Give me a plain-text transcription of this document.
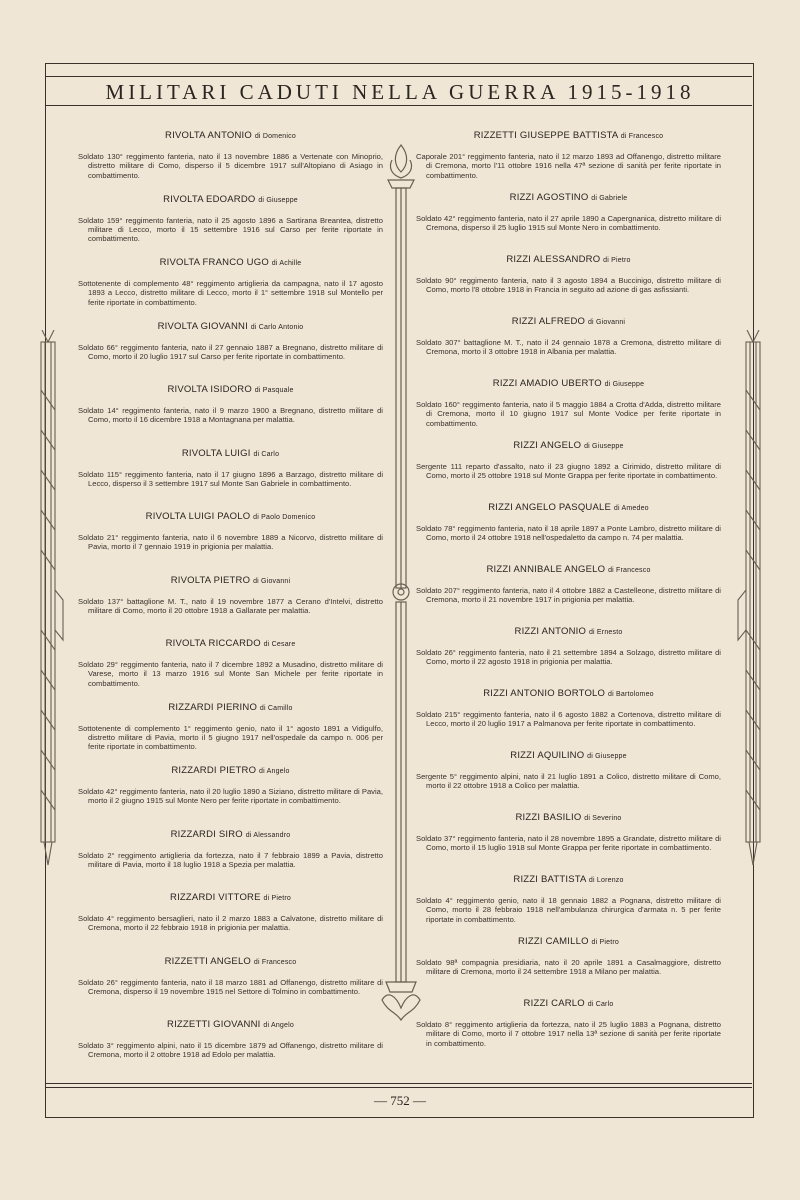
MILITARI CADUTI NELLA GUERRA 1915-1918
RIVOLTA ANTONIO di Domenico

Soldato 130° reggimento fanteria, nato il 13 novembre 1886 a Vertenate con Minoprio, distretto militare di Como, disperso il 5 dicembre 1917 sull'Altopiano di Asiago in combattimento.

RIVOLTA EDOARDO di Giuseppe

Soldato 159° reggimento fanteria, nato il 25 agosto 1896 a Sartirana Breantea, distretto militare di Lecco, morto il 15 settembre 1916 sul Carso per ferite riportate in combattimento.

RIVOLTA FRANCO UGO di Achille

Sottotenente di complemento 48° reggimento artiglieria da campagna, nato il 17 agosto 1893 a Lecco, distretto militare di Lecco, morto il 1° settembre 1918 sul Montello per ferite riportate in combattimento.

RIVOLTA GIOVANNI di Carlo Antonio

Soldato 66° reggimento fanteria, nato il 27 gennaio 1887 a Bregnano, distretto militare di Como, morto il 20 luglio 1917 sul Carso per ferite riportate in combattimento.

RIVOLTA ISIDORO di Pasquale

Soldato 14° reggimento fanteria, nato il 9 marzo 1900 a Bregnano, distretto militare di Como, morto il 16 dicembre 1918 a Montagnana per malattia.

RIVOLTA LUIGI di Carlo

Soldato 115° reggimento fanteria, nato il 17 giugno 1896 a Barzago, distretto militare di Lecco, disperso il 3 settembre 1917 sul Monte San Gabriele in combattimento.

RIVOLTA LUIGI PAOLO di Paolo Domenico

Soldato 21° reggimento fanteria, nato il 6 novembre 1889 a Nicorvo, distretto militare di Pavia, morto il 7 gennaio 1919 in prigionia per malattia.

RIVOLTA PIETRO di Giovanni

Soldato 137° battaglione M. T., nato il 19 novembre 1877 a Cerano d'Intelvi, distretto militare di Como, morto il 20 ottobre 1918 a Gallarate per malattia.

RIVOLTA RICCARDO di Cesare

Soldato 29° reggimento fanteria, nato il 7 dicembre 1892 a Musadino, distretto militare di Varese, morto il 13 marzo 1916 sul Monte San Michele per ferite riportate in combattimento.

RIZZARDI PIERINO di Camillo

Sottotenente di complemento 1° reggimento genio, nato il 1° agosto 1891 a Vidigulfo, distretto militare di Pavia, morto il 5 giugno 1917 nell'ospedale da campo n. 006 per ferite riportate in combattimento.

RIZZARDI PIETRO di Angelo

Soldato 42° reggimento fanteria, nato il 20 luglio 1890 a Siziano, distretto militare di Pavia, morto il 2 giugno 1915 sul Monte Nero per ferite riportate in combattimento.

RIZZARDI SIRO di Alessandro

Soldato 2° reggimento artiglieria da fortezza, nato il 7 febbraio 1899 a Pavia, distretto militare di Pavia, morto il 18 luglio 1918 a Spezia per malattia.

RIZZARDI VITTORE di Pietro

Soldato 4° reggimento bersaglieri, nato il 2 marzo 1883 a Calvatone, distretto militare di Cremona, morto il 22 febbraio 1918 in prigionia per malattia.

RIZZETTI ANGELO di Francesco

Soldato 26° reggimento fanteria, nato il 18 marzo 1881 ad Offanengo, distretto militare di Cremona, disperso il 19 novembre 1915 nel Settore di Tolmino in combattimento.

RIZZETTI GIOVANNI di Angelo

Soldato 3° reggimento alpini, nato il 15 dicembre 1879 ad Offanengo, distretto militare di Cremona, morto il 2 ottobre 1918 ad Edolo per malattia.

RIZZETTI GIUSEPPE BATTISTA di Francesco

Caporale 201° reggimento fanteria, nato il 12 marzo 1893 ad Offanengo, distretto militare di Cremona, morto l'11 ottobre 1916 nella 47ª sezione di sanità per ferite riportate in combattimento.

RIZZI AGOSTINO di Gabriele

Soldato 42° reggimento fanteria, nato il 27 aprile 1890 a Capergnanica, distretto militare di Cremona, disperso il 25 luglio 1915 sul Monte Nero in combattimento.

RIZZI ALESSANDRO di Pietro

Soldato 90° reggimento fanteria, nato il 3 agosto 1894 a Buccinigo, distretto militare di Como, morto l'8 ottobre 1918 in Francia in seguito ad azione di gas asfissianti.

RIZZI ALFREDO di Giovanni

Soldato 307° battaglione M. T., nato il 24 gennaio 1878 a Cremona, distretto militare di Cremona, morto il 3 ottobre 1918 in Albania per malattia.

RIZZI AMADIO UBERTO di Giuseppe

Soldato 160° reggimento fanteria, nato il 5 maggio 1884 a Crotta d'Adda, distretto militare di Cremona, morto il 10 giugno 1917 sul Monte Vodice per ferite riportate in combattimento.

RIZZI ANGELO di Giuseppe

Sergente 111 reparto d'assalto, nato il 23 giugno 1892 a Cirimido, distretto militare di Como, morto il 25 ottobre 1918 sul Monte Grappa per ferite riportate in combattimento.

RIZZI ANGELO PASQUALE di Amedeo

Soldato 78° reggimento fanteria, nato il 18 aprile 1897 a Ponte Lambro, distretto militare di Como, morto il 24 ottobre 1918 nell'ospedaletto da campo n. 74 per malattia.

RIZZI ANNIBALE ANGELO di Francesco

Soldato 207° reggimento fanteria, nato il 4 ottobre 1882 a Castelleone, distretto militare di Cremona, morto il 21 novembre 1917 in prigionia per malattia.

RIZZI ANTONIO di Ernesto

Soldato 26° reggimento fanteria, nato il 21 settembre 1894 a Solzago, distretto militare di Como, morto il 22 agosto 1918 in prigionia per malattia.

RIZZI ANTONIO BORTOLO di Bartolomeo

Soldato 215° reggimento fanteria, nato il 6 agosto 1882 a Cortenova, distretto militare di Lecco, morto il 20 luglio 1917 a Palmanova per ferite riportate in combattimento.

RIZZI AQUILINO di Giuseppe

Sergente 5° reggimento alpini, nato il 21 luglio 1891 a Colico, distretto militare di Como, morto il 22 ottobre 1918 a Colico per malattia.

RIZZI BASILIO di Severino

Soldato 37° reggimento fanteria, nato il 28 novembre 1895 a Grandate, distretto militare di Como, morto il 15 luglio 1918 sul Monte Grappa per ferite riportate in combattimento.

RIZZI BATTISTA di Lorenzo

Soldato 4° reggimento genio, nato il 18 gennaio 1882 a Pognana, distretto militare di Como, morto il 28 febbraio 1918 nell'ambulanza chirurgica d'armata n. 5 per ferite riportate in combattimento.

RIZZI CAMILLO di Pietro

Soldato 98ª compagnia presidiaria, nato il 20 aprile 1891 a Casalmaggiore, distretto militare di Cremona, morto il 24 settembre 1918 a Milano per malattia.

RIZZI CARLO di Carlo

Soldato 8° reggimento artiglieria da fortezza, nato il 25 luglio 1883 a Pognana, distretto militare di Como, morto il 7 ottobre 1917 nella 13ª sezione di sanità per ferite riportate in combattimento.

— 752 —
